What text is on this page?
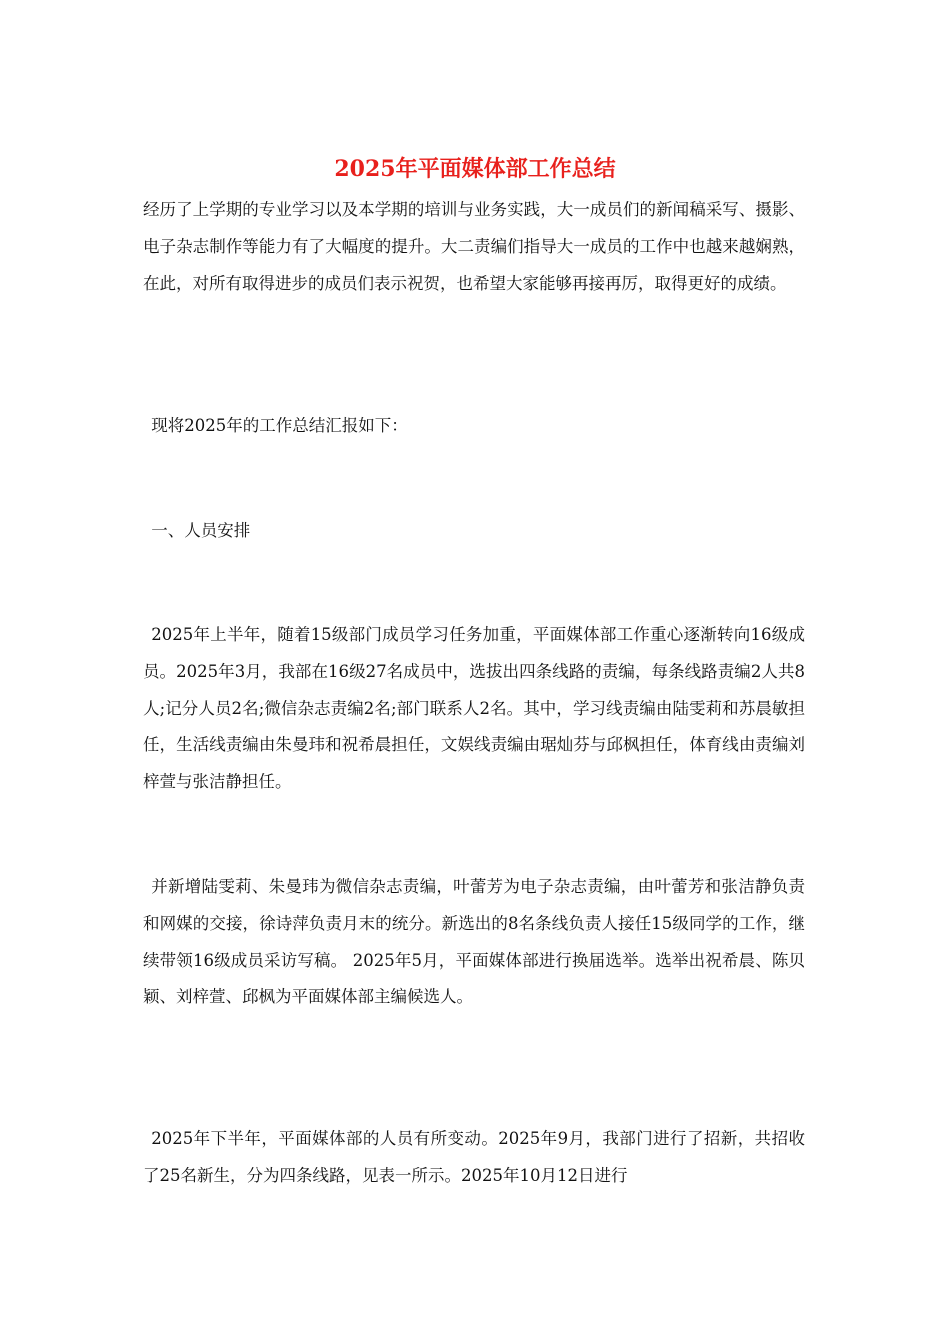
2025年平面媒体部工作总结

经历了上学期的专业学习以及本学期的培训与业务实践，大一成员们的新闻稿采写、摄影、电子杂志制作等能力有了大幅度的提升。大二责编们指导大一成员的工作中也越来越娴熟，在此，对所有取得进步的成员们表示祝贺，也希望大家能够再接再厉，取得更好的成绩。

现将2025年的工作总结汇报如下：

一、人员安排

2025年上半年，随着15级部门成员学习任务加重，平面媒体部工作重心逐渐转向16级成员。2025年3月，我部在16级27名成员中，选拔出四条线路的责编，每条线路责编2人共8人;记分人员2名;微信杂志责编2名;部门联系人2名。其中，学习线责编由陆雯莉和苏晨敏担任，生活线责编由朱曼玮和祝希晨担任，文娱线责编由琚灿芬与邱枫担任，体育线由责编刘梓萱与张洁静担任。

并新增陆雯莉、朱曼玮为微信杂志责编，叶蕾芳为电子杂志责编，由叶蕾芳和张洁静负责和网媒的交接，徐诗萍负责月末的统分。新选出的8名条线负责人接任15级同学的工作，继续带领16级成员采访写稿。 2025年5月，平面媒体部进行换届选举。选举出祝希晨、陈贝颖、刘梓萱、邱枫为平面媒体部主编候选人。

2025年下半年，平面媒体部的人员有所变动。2025年9月，我部门进行了招新，共招收了25名新生，分为四条线路，见表一所示。2025年10月12日进行
